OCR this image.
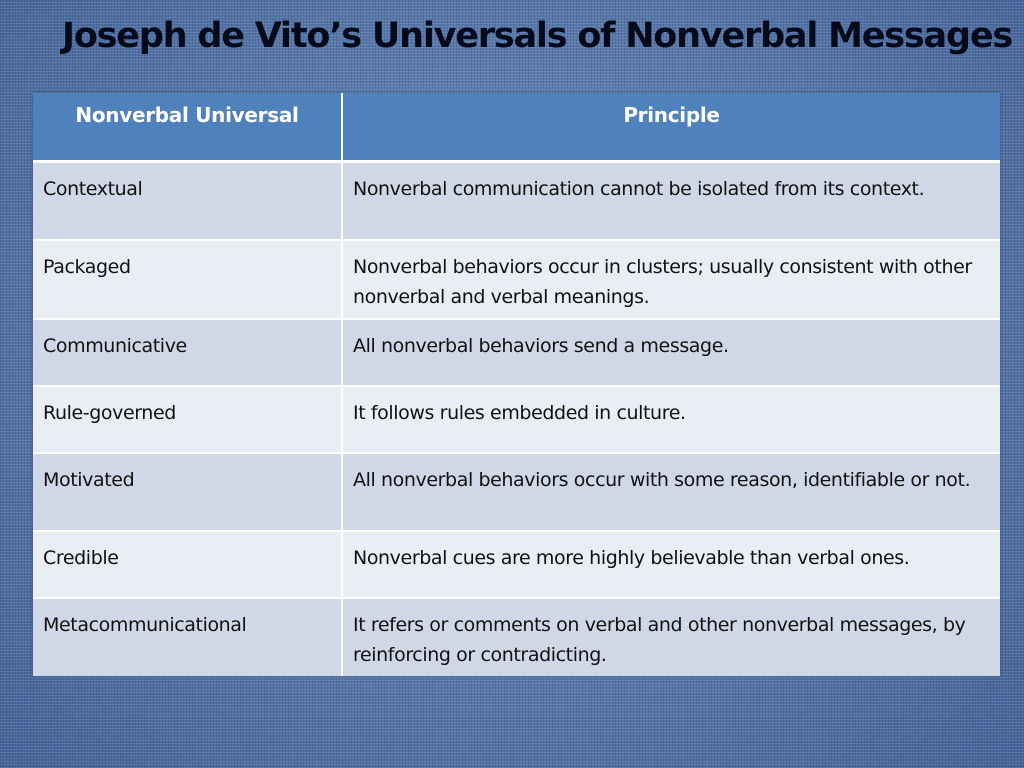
Joseph de Vito’s Universals of Nonverbal Messages
Nonverbal Universal	Principle
Contextual	Nonverbal communication cannot be isolated from its context.
Packaged	Nonverbal behaviors occur in clusters; usually consistent with other nonverbal and verbal meanings.
Communicative	All nonverbal behaviors send a message.
Rule-governed	It follows rules embedded in culture.
Motivated	All nonverbal behaviors occur with some reason, identifiable or not.
Credible	Nonverbal cues are more highly believable than verbal ones.
Metacommunicational	It refers or comments on verbal and other nonverbal messages, by reinforcing or contradicting.
